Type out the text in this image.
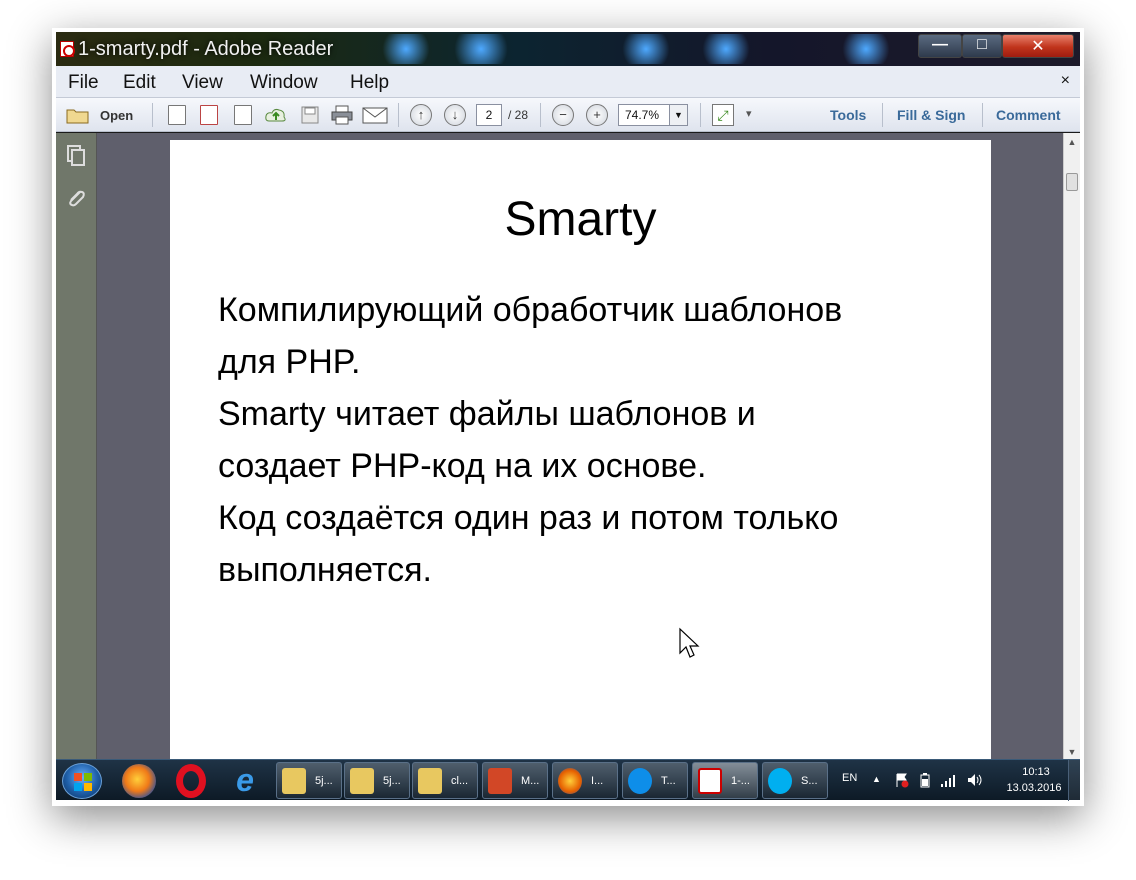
1-smarty.pdf - Adobe Reader	—	□	✕
File Edit View Window Help	×
Open	↑	↓	2	/ 28	−	+	74.7%	▼	⤢	▾	Tools Fill & Sign Comment
Smarty
Компилирующий обработчик шаблонов
для PHP.
Smarty читает файлы шаблонов и
создает PHP-код на их основе.
Код создаётся один раз и потом только
выполняется.
▲
▼
e	5j...	5j...	cl...	M...	I...	T...	1-...	S... EN ▲
10:13
13.03.2016
